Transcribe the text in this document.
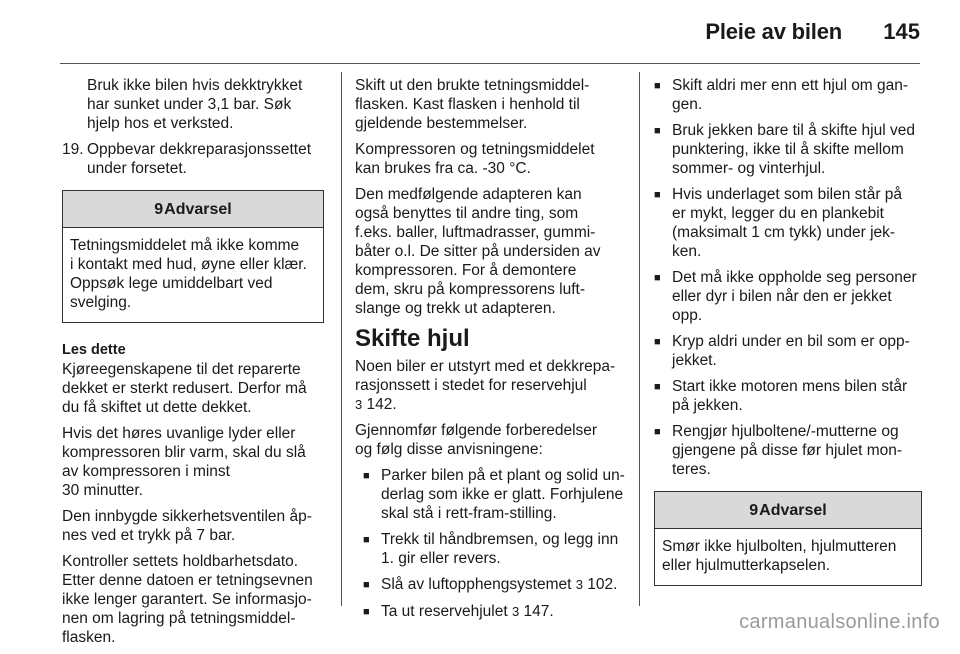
Pleie av bilen 145

Bruk ikke bilen hvis dekktrykket
har sunket under 3,1 bar. Søk
hjelp hos et verksted.

19. Oppbevar dekkreparasjonssettet
under forsetet.
9Advarsel
Tetningsmiddelet må ikke komme
i kontakt med hud, øyne eller klær.
Oppsøk lege umiddelbart ved
svelging.
Les dette

Kjøreegenskapene til det reparerte
dekket er sterkt redusert. Derfor må
du få skiftet ut dette dekket.

Hvis det høres uvanlige lyder eller
kompressoren blir varm, skal du slå
av kompressoren i minst
30 minutter.

Den innbygde sikkerhetsventilen åp-
nes ved et trykk på 7 bar.

Kontroller settets holdbarhetsdato.
Etter denne datoen er tetningsevnen
ikke lenger garantert. Se informasjo-
nen om lagring på tetningsmiddel-
flasken.

Skift ut den brukte tetningsmiddel-
flasken. Kast flasken i henhold til
gjeldende bestemmelser.

Kompressoren og tetningsmiddelet
kan brukes fra ca. -30 °C.

Den medfølgende adapteren kan
også benyttes til andre ting, som
f.eks. baller, luftmadrasser, gummi-
båter o.l. De sitter på undersiden av
kompressoren. For å demontere
dem, skru på kompressorens luft-
slange og trekk ut adapteren.

Skifte hjul

Noen biler er utstyrt med et dekkrepa-
rasjonssett i stedet for reservehjul
3 142.

Gjennomfør følgende forberedelser
og følg disse anvisningene:

■ Parker bilen på et plant og solid un-
derlag som ikke er glatt. Forhjulene
skal stå i rett-fram-stilling.
■ Trekk til håndbremsen, og legg inn
1. gir eller revers.
■ Slå av luftopphengsystemet 3 102.
■ Ta ut reservehjulet 3 147.
■ Skift aldri mer enn ett hjul om gan-
gen.
■ Bruk jekken bare til å skifte hjul ved
punktering, ikke til å skifte mellom
sommer- og vinterhjul.
■ Hvis underlaget som bilen står på
er mykt, legger du en plankebit
(maksimalt 1 cm tykk) under jek-
ken.
■ Det må ikke oppholde seg personer
eller dyr i bilen når den er jekket
opp.
■ Kryp aldri under en bil som er opp-
jekket.
■ Start ikke motoren mens bilen står
på jekken.
■ Rengjør hjulboltene/-mutterne og
gjengene på disse før hjulet mon-
teres.
9Advarsel
Smør ikke hjulbolten, hjulmutteren
eller hjulmutterkapselen.
carmanualsonline.info
